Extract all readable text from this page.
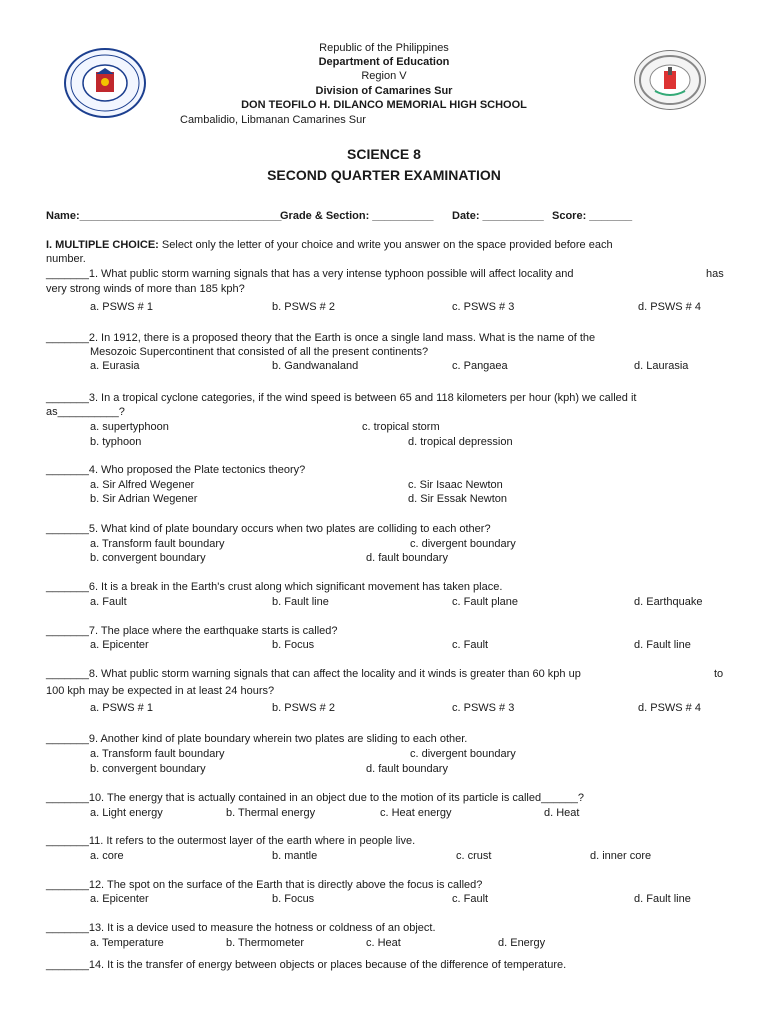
Republic of the Philippines
Department of Education
Region V
Division of Camarines Sur
DON TEOFILO H. DILANCO MEMORIAL HIGH SCHOOL
Cambalidio, Libmanan Camarines Sur
SCIENCE 8
SECOND QUARTER EXAMINATION
Name:_________________________________
Grade & Section: __________ Date: __________ Score: _______
I. MULTIPLE CHOICE: Select only the letter of your choice and write you answer on the space provided before each
number.
_______1. What public storm warning signals that has a very intense typhoon possible will affect locality and	has
very strong winds of more than 185 kph?
a. PSWS # 1	b. PSWS # 2	c. PSWS # 3	d. PSWS # 4
_______2. In 1912, there is a proposed theory that the Earth is once a single land mass. What is the name of the
Mesozoic Supercontinent that consisted of all the present continents?
a. Eurasia	b. Gandwanaland	c. Pangaea	d. Laurasia
_______3. In a tropical cyclone categories, if the wind speed is between 65 and 118 kilometers per hour (kph) we called it
as__________?
a. supertyphoon	c. tropical storm
b. typhoon	d. tropical depression
_______4. Who proposed the Plate tectonics theory?
a. Sir Alfred Wegener	c. Sir Isaac Newton
b. Sir Adrian Wegener	d. Sir Essak Newton
_______5. What kind of plate boundary occurs when two plates are colliding to each other?
a. Transform fault boundary	c. divergent boundary
b. convergent boundary	d. fault boundary
_______6. It is a break in the Earth's crust along which significant movement has taken place.
a. Fault	b. Fault line	c. Fault plane	d. Earthquake
_______7. The place where the earthquake starts is called?
a. Epicenter	b. Focus	c. Fault	d. Fault line
_______8. What public storm warning signals that can affect the locality and it winds is greater than 60 kph up	to
100 kph may be expected in at least 24 hours?
a. PSWS # 1	b. PSWS # 2	c. PSWS # 3	d. PSWS # 4
_______9. Another kind of plate boundary wherein two plates are sliding to each other.
a. Transform fault boundary	c. divergent boundary
b. convergent boundary	d. fault boundary
_______10. The energy that is actually contained in an object due to the motion of its particle is called______?
a. Light energy	b. Thermal energy	c. Heat energy	d. Heat
_______11. It refers to the outermost layer of the earth where in people live.
a. core	b. mantle	c. crust	d. inner core
_______12. The spot on the surface of the Earth that is directly above the focus is called?
a. Epicenter	b. Focus	c. Fault	d. Fault line
_______13. It is a device used to measure the hotness or coldness of an object.
a. Temperature	b. Thermometer	c. Heat	d. Energy
_______14. It is the transfer of energy between objects or places because of the difference of temperature.
